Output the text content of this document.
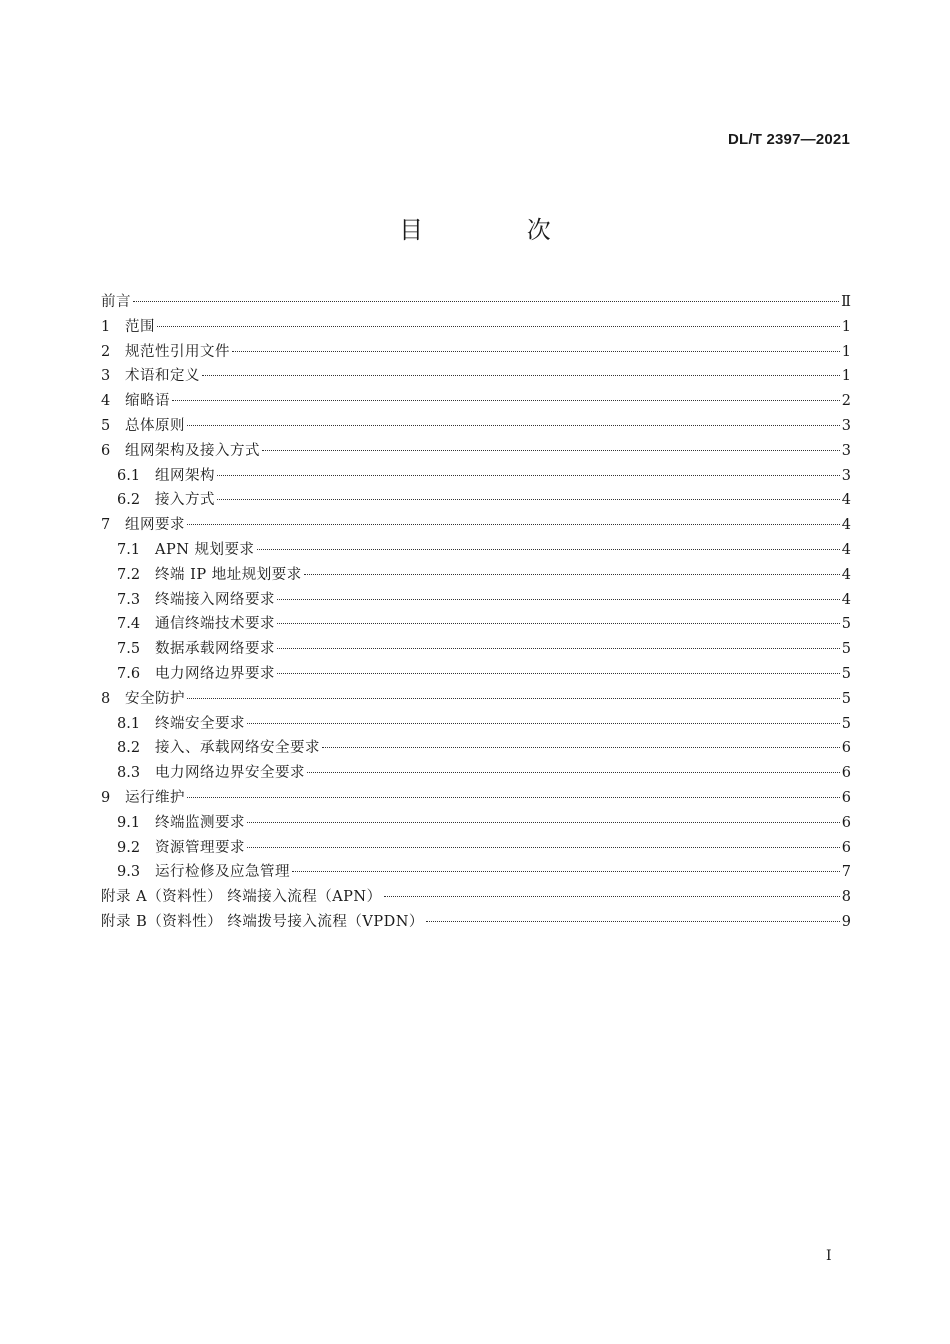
DL/T 2397—2021
目 次
前言	Ⅱ
1	范围	1
2	规范性引用文件	1
3	术语和定义	1
4	缩略语	2
5	总体原则	3
6	组网架构及接入方式	3
6.1	组网架构	3
6.2	接入方式	4
7	组网要求	4
7.1	APN 规划要求	4
7.2	终端 IP 地址规划要求	4
7.3	终端接入网络要求	4
7.4	通信终端技术要求	5
7.5	数据承载网络要求	5
7.6	电力网络边界要求	5
8	安全防护	5
8.1	终端安全要求	5
8.2	接入、承载网络安全要求	6
8.3	电力网络边界安全要求	6
9	运行维护	6
9.1	终端监测要求	6
9.2	资源管理要求	6
9.3	运行检修及应急管理	7
附录 A（资料性） 终端接入流程（APN）	8
附录 B（资料性） 终端拨号接入流程（VPDN）	9
Ⅰ
